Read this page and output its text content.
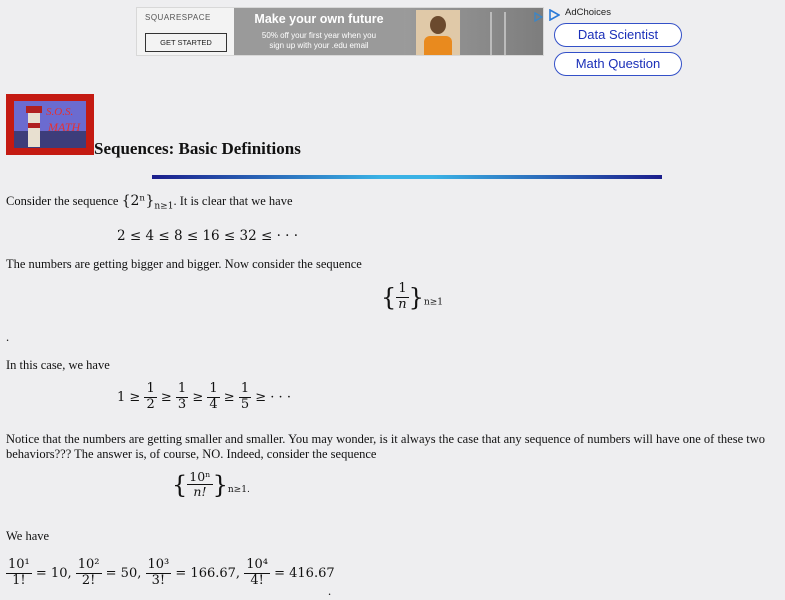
SQUARESPACE
GET STARTED
Make your own future
50% off your first year when you
sign up with your .edu email
AdChoices
Data Scientist
Math Question
S.O.S.
MATH
Sequences: Basic Definitions
Consider the sequence $\{2^n\}_{n\ge 1}$. It is clear that we have
2 ≤ 4 ≤ 8 ≤ 16 ≤ 32 ≤ · · ·
The numbers are getting bigger and bigger. Now consider the sequence
{ $\frac{1}{n} \}_{n\ge 1}$
.
In this case, we have
$1 \ge \frac{1}{2} \ge \frac{1}{3} \ge \frac{1}{4} \ge \frac{1}{5}$ ≥ · · ·
Notice that the numbers are getting smaller and smaller. You may wonder, is it always the case that any sequence of numbers will have one of these two
behaviors??? The answer is, of course, NO. Indeed, consider the sequence
{ $\frac{\text{10ⁿ}}{n!} \}_{n\ge 1.}$
We have
$\frac{\text{10¹}}{1!} = 10$, $\frac{\text{10²}}{2!} = 50$, $\frac{\text{10³}}{3!} = 166.67$, $\frac{\text{10⁴}}{4!} = 416.67$
.
